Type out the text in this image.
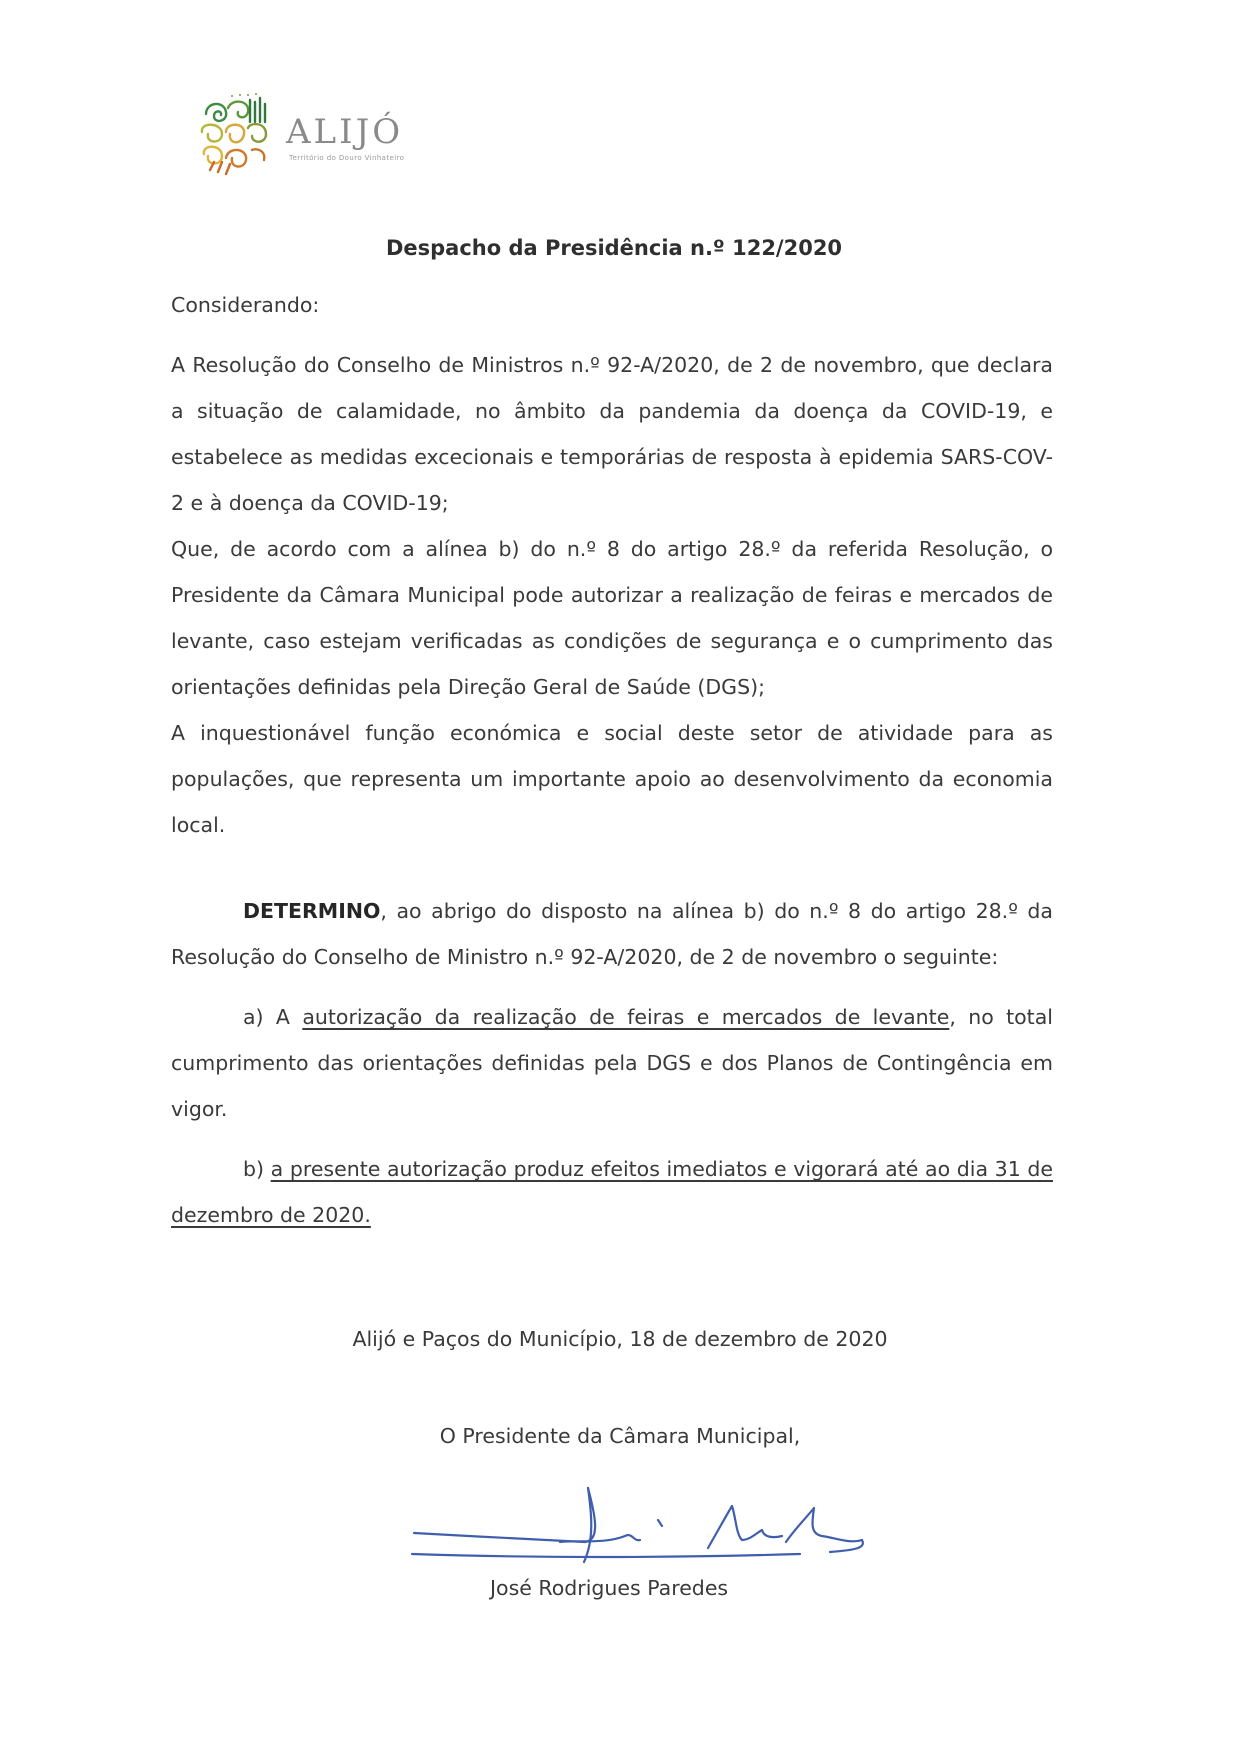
ALIJÓ
Território do Douro Vinhateiro
Despacho da Presidência n.º 122/2020
Considerando:
A Resolução do Conselho de Ministros n.º 92-A/2020, de 2 de novembro, que declara a situação de calamidade, no âmbito da pandemia da doença da COVID-19, e estabelece as medidas excecionais e temporárias de resposta à epidemia SARS-COV-2 e à doença da COVID-19;
Que, de acordo com a alínea b) do n.º 8 do artigo 28.º da referida Resolução, o Presidente da Câmara Municipal pode autorizar a realização de feiras e mercados de levante, caso estejam verificadas as condições de segurança e o cumprimento das orientações definidas pela Direção Geral de Saúde (DGS);
A inquestionável função económica e social deste setor de atividade para as populações, que representa um importante apoio ao desenvolvimento da economia local.
DETERMINO, ao abrigo do disposto na alínea b) do n.º 8 do artigo 28.º da Resolução do Conselho de Ministro n.º 92-A/2020, de 2 de novembro o seguinte:
a) A autorização da realização de feiras e mercados de levante, no total cumprimento das orientações definidas pela DGS e dos Planos de Contingência em vigor.
b) a presente autorização produz efeitos imediatos e vigorará até ao dia 31 de dezembro de 2020.
Alijó e Paços do Município, 18 de dezembro de 2020
O Presidente da Câmara Municipal,
José Rodrigues Paredes
